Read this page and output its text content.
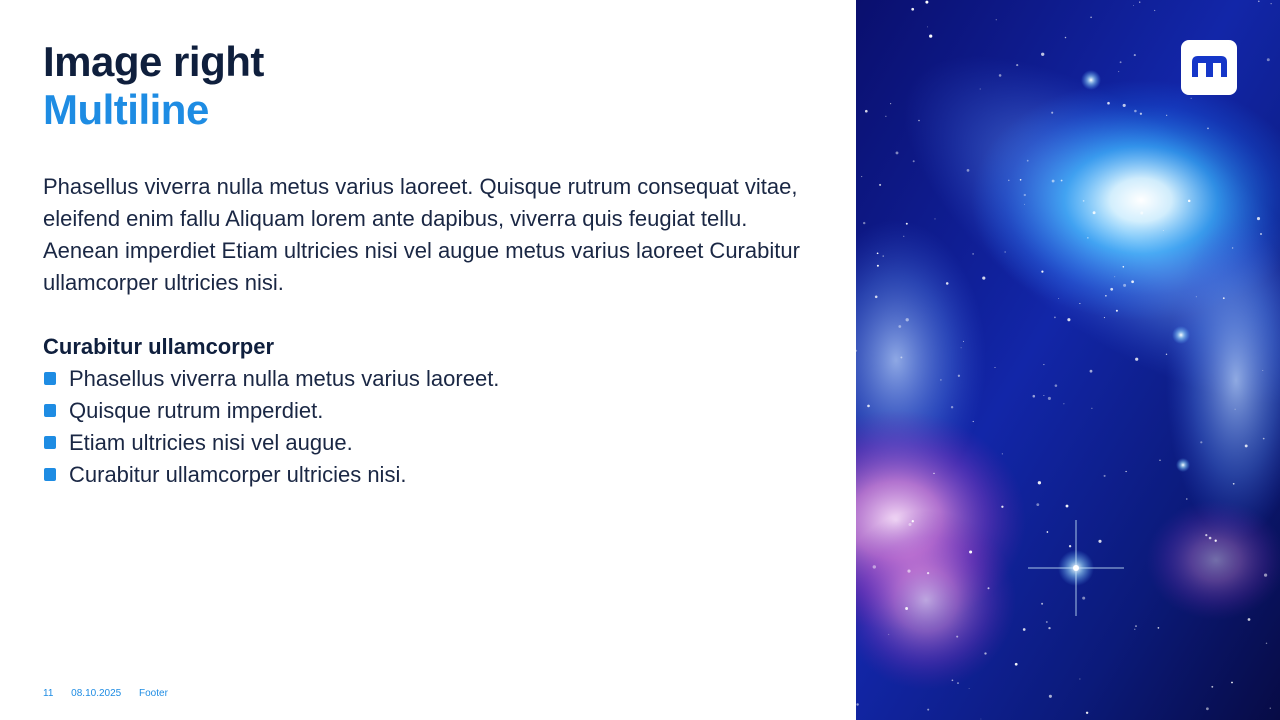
Image right
Multiline

Phasellus viverra nulla metus varius laoreet. Quisque rutrum consequat vitae, eleifend enim fallu Aliquam lorem ante dapibus, viverra quis feugiat tellu. Aenean imperdiet Etiam ultricies nisi vel augue metus varius laoreet Curabitur ullamcorper ultricies nisi.

Curabitur ullamcorper
Phasellus viverra nulla metus varius laoreet.
Quisque rutrum imperdiet.
Etiam ultricies nisi vel augue.
Curabitur ullamcorper ultricies nisi.
11 08.10.2025 Footer
